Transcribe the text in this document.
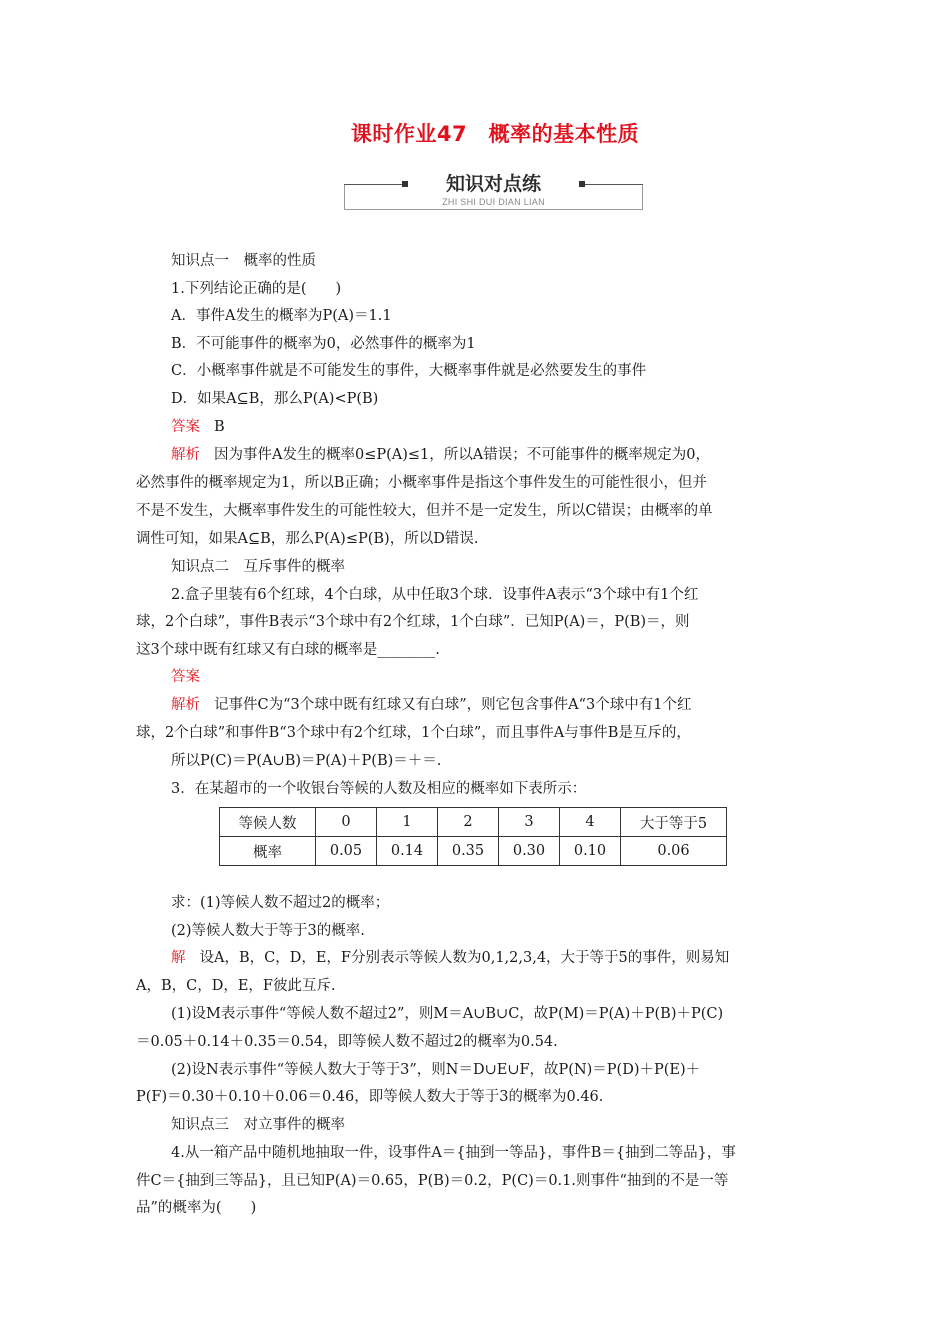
课时作业47　概率的基本性质
知识对点练
ZHI SHI DUI DIAN LIAN
知识点一　概率的性质
1.下列结论正确的是(　　)
A．事件A发生的概率为P(A)＝1.1
B．不可能事件的概率为0，必然事件的概率为1
C．小概率事件就是不可能发生的事件，大概率事件就是必然要发生的事件
D．如果A⊆B，那么P(A)<P(B)
答案 B
解析 因为事件A发生的概率0≤P(A)≤1，所以A错误；不可能事件的概率规定为0，
必然事件的概率规定为1，所以B正确；小概率事件是指这个事件发生的可能性很小，但并
不是不发生，大概率事件发生的可能性较大，但并不是一定发生，所以C错误；由概率的单
调性可知，如果A⊆B，那么P(A)≤P(B)，所以D错误.
知识点二　互斥事件的概率
2.盒子里装有6个红球，4个白球，从中任取3个球．设事件A表示“3个球中有1个红
球，2个白球”，事件B表示“3个球中有2个红球，1个白球”．已知P(A)＝，P(B)＝，则
这3个球中既有红球又有白球的概率是________.
答案
解析 记事件C为“3个球中既有红球又有白球”，则它包含事件A“3个球中有1个红
球，2个白球”和事件B“3个球中有2个红球，1个白球”，而且事件A与事件B是互斥的，
所以P(C)＝P(A∪B)＝P(A)＋P(B)＝＋＝.
3．在某超市的一个收银台等候的人数及相应的概率如下表所示：
等候人数	0	1	2	3	4	大于等于5
概率	0.05	0.14	0.35	0.30	0.10	0.06
求：(1)等候人数不超过2的概率；
(2)等候人数大于等于3的概率.
解 设A，B，C，D，E，F分别表示等候人数为0,1,2,3,4，大于等于5的事件，则易知
A，B，C，D，E，F彼此互斥.
(1)设M表示事件“等候人数不超过2”，则M＝A∪B∪C，故P(M)＝P(A)＋P(B)＋P(C)
＝0.05＋0.14＋0.35＝0.54，即等候人数不超过2的概率为0.54.
(2)设N表示事件“等候人数大于等于3”，则N＝D∪E∪F，故P(N)＝P(D)＋P(E)＋
P(F)＝0.30＋0.10＋0.06＝0.46，即等候人数大于等于3的概率为0.46.
知识点三　对立事件的概率
4.从一箱产品中随机地抽取一件，设事件A＝{抽到一等品}，事件B＝{抽到二等品}，事
件C＝{抽到三等品}，且已知P(A)＝0.65，P(B)＝0.2，P(C)＝0.1.则事件“抽到的不是一等
品”的概率为(　　)
